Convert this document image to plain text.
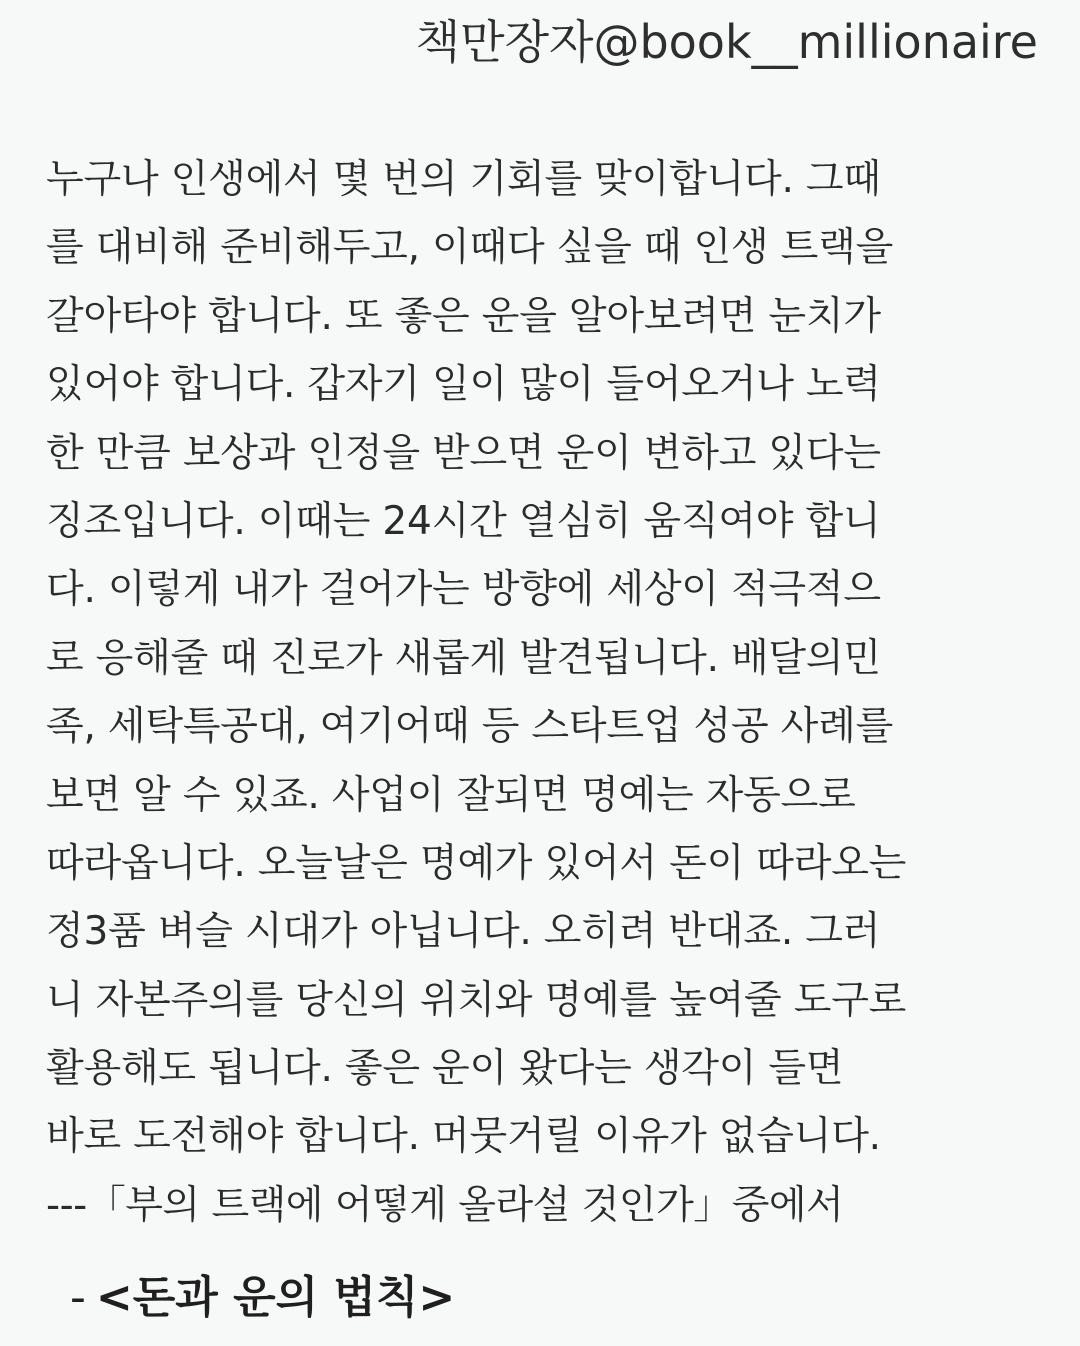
책만장자@book__millionaire
누구나 인생에서 몇 번의 기회를 맞이합니다. 그때
를 대비해 준비해두고, 이때다 싶을 때 인생 트랙을
갈아타야 합니다. 또 좋은 운을 알아보려면 눈치가
있어야 합니다. 갑자기 일이 많이 들어오거나 노력
한 만큼 보상과 인정을 받으면 운이 변하고 있다는
징조입니다. 이때는 24시간 열심히 움직여야 합니
다. 이렇게 내가 걸어가는 방향에 세상이 적극적으
로 응해줄 때 진로가 새롭게 발견됩니다. 배달의민
족, 세탁특공대, 여기어때 등 스타트업 성공 사례를
보면 알 수 있죠. 사업이 잘되면 명예는 자동으로
따라옵니다. 오늘날은 명예가 있어서 돈이 따라오는
정3품 벼슬 시대가 아닙니다. 오히려 반대죠. 그러
니 자본주의를 당신의 위치와 명예를 높여줄 도구로
활용해도 됩니다. 좋은 운이 왔다는 생각이 들면
바로 도전해야 합니다. 머뭇거릴 이유가 없습니다.
---「부의 트랙에 어떻게 올라설 것인가」중에서
- <돈과 운의 법칙>
